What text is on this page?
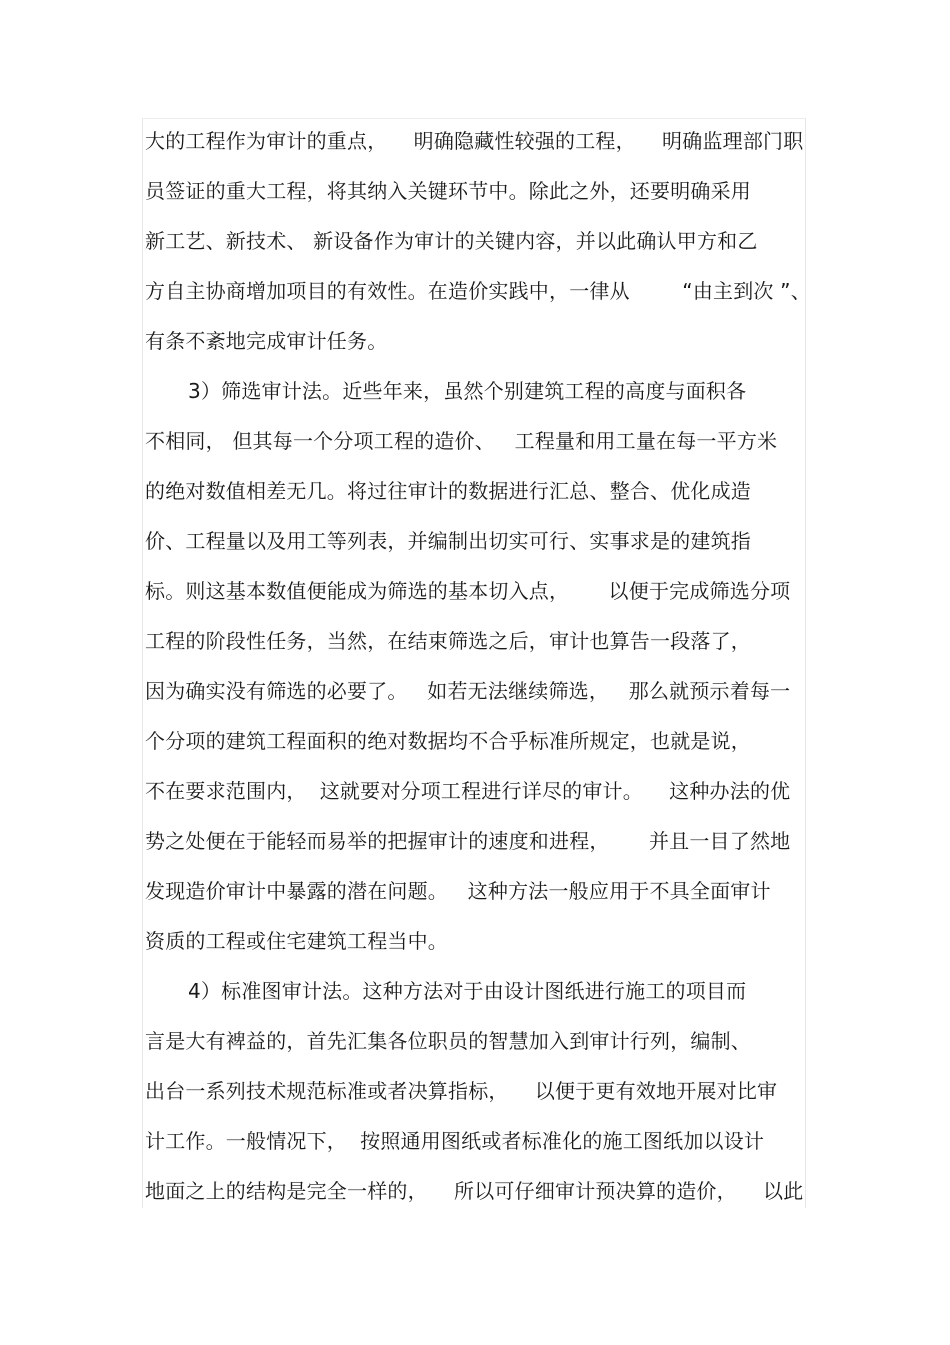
大的工程作为审计的重点，    明确隐藏性较强的工程，    明确监理部门职
员签证的重大工程，将其纳入关键环节中。除此之外，还要明确采用
新工艺、新技术、 新设备作为审计的关键内容，并以此确认甲方和乙
方自主协商增加项目的有效性。在造价实践中，一律从        “由主到次 ”、
有条不紊地完成审计任务。
3）筛选审计法。近些年来，虽然个别建筑工程的高度与面积各
不相同， 但其每一个分项工程的造价、   工程量和用工量在每一平方米
的绝对数值相差无几。将过往审计的数据进行汇总、整合、优化成造
价、工程量以及用工等列表，并编制出切实可行、实事求是的建筑指
标。则这基本数值便能成为筛选的基本切入点，      以便于完成筛选分项
工程的阶段性任务，当然，在结束筛选之后，审计也算告一段落了，
因为确实没有筛选的必要了。   如若无法继续筛选，   那么就预示着每一
个分项的建筑工程面积的绝对数据均不合乎标准所规定，也就是说，
不在要求范围内，  这就要对分项工程进行详尽的审计。    这种办法的优
势之处便在于能轻而易举的把握审计的速度和进程，      并且一目了然地
发现造价审计中暴露的潜在问题。   这种方法一般应用于不具全面审计
资质的工程或住宅建筑工程当中。
4）标准图审计法。这种方法对于由设计图纸进行施工的项目而
言是大有裨益的，首先汇集各位职员的智慧加入到审计行列，编制、
出台一系列技术规范标准或者决算指标，    以便于更有效地开展对比审
计工作。一般情况下，  按照通用图纸或者标准化的施工图纸加以设计
地面之上的结构是完全一样的，    所以可仔细审计预决算的造价，    以此
